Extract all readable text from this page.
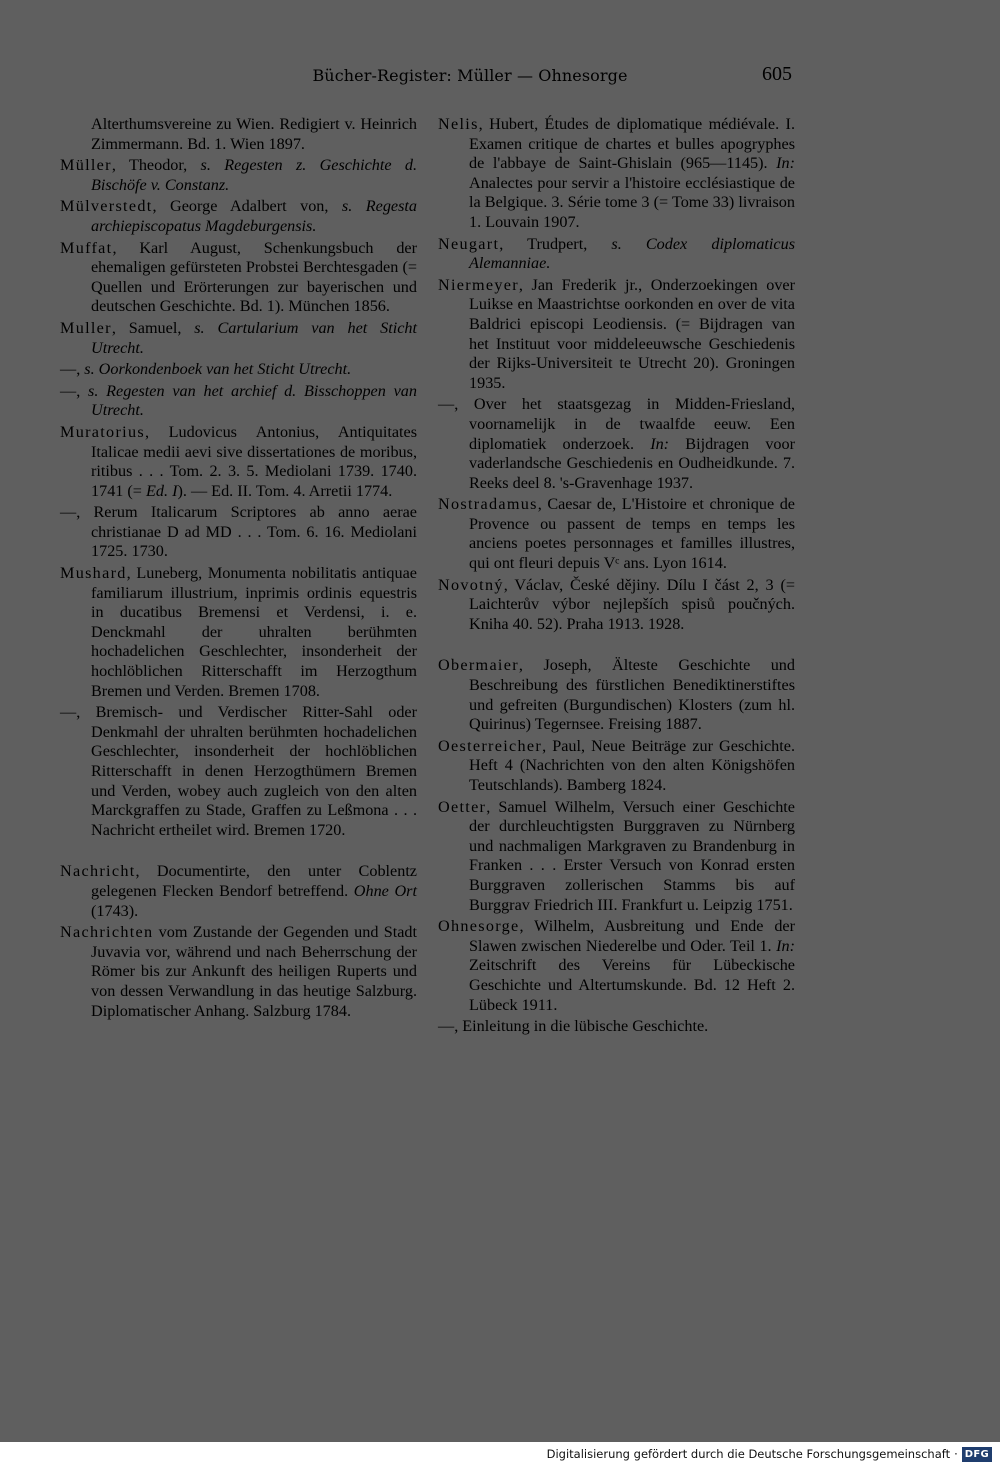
Bücher-Register: Müller — Ohnesorge	605

Alterthumsvereine zu Wien. Redigiert v. Heinrich Zimmermann. Bd. 1. Wien 1897.

Müller, Theodor, s. Regesten z. Geschichte d. Bischöfe v. Constanz.

Mülverstedt, George Adalbert von, s. Regesta archiepiscopatus Magdeburgensis.

Muffat, Karl August, Schenkungsbuch der ehemaligen gefürsteten Probstei Berchtesgaden (= Quellen und Erörterungen zur bayerischen und deutschen Geschichte. Bd. 1). München 1856.

Muller, Samuel, s. Cartularium van het Sticht Utrecht.

—, s. Oorkondenboek van het Sticht Utrecht.

—, s. Regesten van het archief d. Bisschoppen van Utrecht.

Muratorius, Ludovicus Antonius, Antiquitates Italicae medii aevi sive dissertationes de moribus, ritibus . . . Tom. 2. 3. 5. Mediolani 1739. 1740. 1741 (= Ed. I). — Ed. II. Tom. 4. Arretii 1774.

—, Rerum Italicarum Scriptores ab anno aerae christianae D ad MD . . . Tom. 6. 16. Mediolani 1725. 1730.

Mushard, Luneberg, Monumenta nobilitatis antiquae familiarum illustrium, inprimis ordinis equestris in ducatibus Bremensi et Verdensi, i. e. Denckmahl der uhralten berühmten hochadelichen Geschlechter, insonderheit der hochlöblichen Ritterschafft im Herzogthum Bremen und Verden. Bremen 1708.

—, Bremisch- und Verdischer Ritter-Sahl oder Denkmahl der uhralten berühmten hochadelichen Geschlechter, insonderheit der hochlöblichen Ritterschafft in denen Herzogthümern Bremen und Verden, wobey auch zugleich von den alten Marckgraffen zu Stade, Graffen zu Leßmona . . . Nachricht ertheilet wird. Bremen 1720.

Nachricht, Documentirte, den unter Coblentz gelegenen Flecken Bendorf betreffend. Ohne Ort (1743).

Nachrichten vom Zustande der Gegenden und Stadt Juvavia vor, während und nach Beherrschung der Römer bis zur Ankunft des heiligen Ruperts und von dessen Verwandlung in das heutige Salzburg. Diplomatischer Anhang. Salzburg 1784.

Nelis, Hubert, Études de diplomatique médiévale. I. Examen critique de chartes et bulles apogryphes de l'abbaye de Saint-Ghislain (965—1145). In: Analectes pour servir a l'histoire ecclésiastique de la Belgique. 3. Série tome 3 (= Tome 33) livraison 1. Louvain 1907.

Neugart, Trudpert, s. Codex diplomaticus Alemanniae.

Niermeyer, Jan Frederik jr., Onderzoekingen over Luikse en Maastrichtse oorkonden en over de vita Baldrici episcopi Leodiensis. (= Bijdragen van het Instituut voor middeleeuwsche Geschiedenis der Rijks-Universiteit te Utrecht 20). Groningen 1935.

—, Over het staatsgezag in Midden-Friesland, voornamelijk in de twaalfde eeuw. Een diplomatiek onderzoek. In: Bijdragen voor vaderlandsche Geschiedenis en Oudheidkunde. 7. Reeks deel 8. 's-Gravenhage 1937.

Nostradamus, Caesar de, L'Histoire et chronique de Provence ou passent de temps en temps les anciens poetes personnages et familles illustres, qui ont fleuri depuis Vᶜ ans. Lyon 1614.

Novotný, Václav, České dějiny. Dílu I část 2, 3 (= Laichterův výbor nejlepších spisů poučných. Kniha 40. 52). Praha 1913. 1928.

Obermaier, Joseph, Älteste Geschichte und Beschreibung des fürstlichen Benediktinerstiftes und gefreiten (Burgundischen) Klosters (zum hl. Quirinus) Tegernsee. Freising 1887.

Oesterreicher, Paul, Neue Beiträge zur Geschichte. Heft 4 (Nachrichten von den alten Königshöfen Teutschlands). Bamberg 1824.

Oetter, Samuel Wilhelm, Versuch einer Geschichte der durchleuchtigsten Burggraven zu Nürnberg und nachmaligen Markgraven zu Brandenburg in Franken . . . Erster Versuch von Konrad ersten Burggraven zollerischen Stamms bis auf Burggrav Friedrich III. Frankfurt u. Leipzig 1751.

Ohnesorge, Wilhelm, Ausbreitung und Ende der Slawen zwischen Niederelbe und Oder. Teil 1. In: Zeitschrift des Vereins für Lübeckische Geschichte und Altertumskunde. Bd. 12 Heft 2. Lübeck 1911.

—, Einleitung in die lübische Geschichte.

Digitalisierung gefördert durch die Deutsche Forschungsgemeinschaft · DFG
